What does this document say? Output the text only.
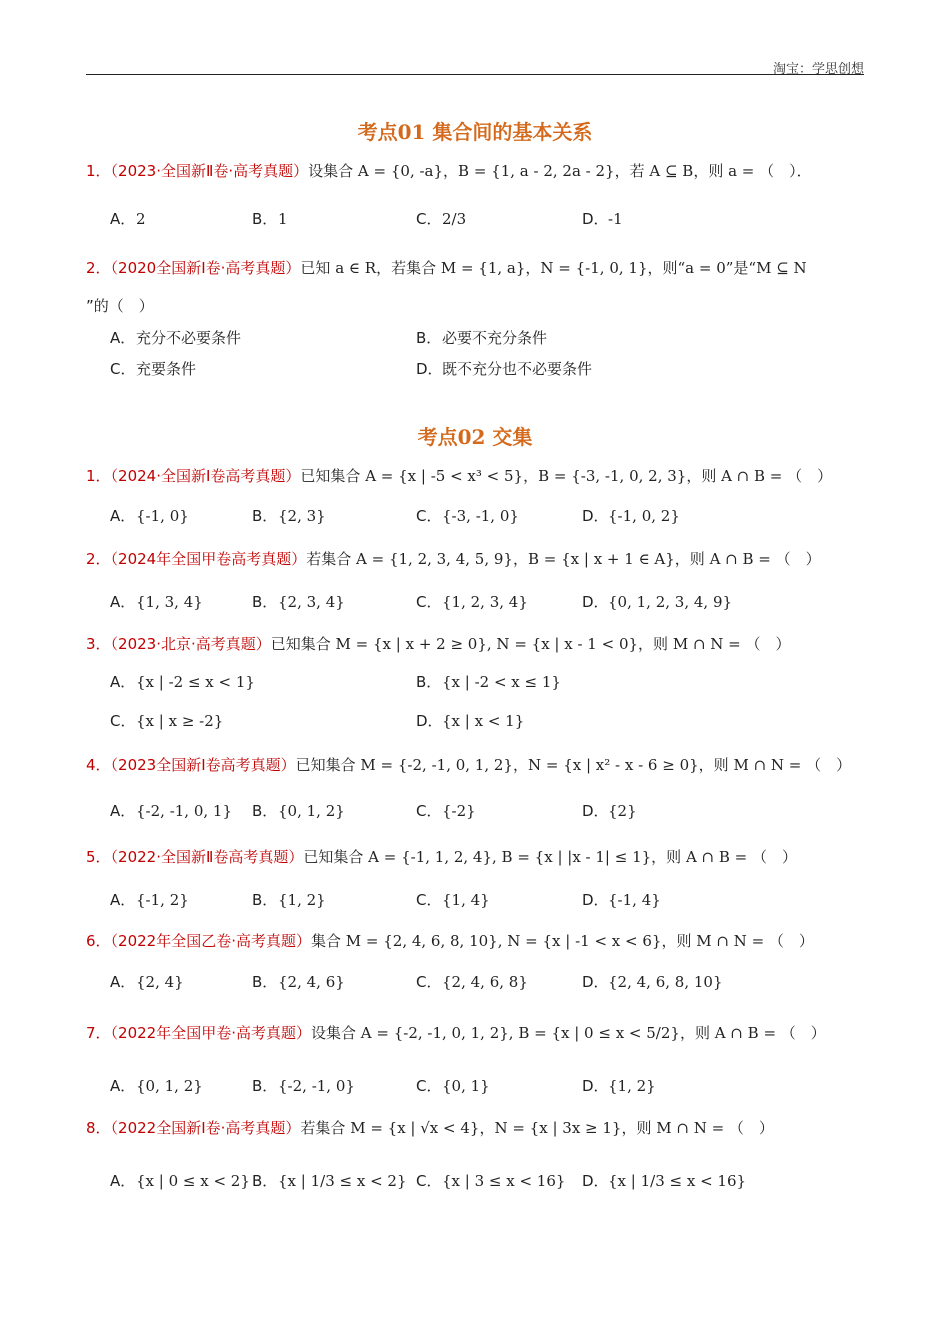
淘宝：学思创想
考点01 集合间的基本关系
1．（2023·全国新Ⅱ卷·高考真题）设集合 A = {0, -a}，B = {1, a - 2, 2a - 2}，若 A ⊆ B，则 a = （　）．
A．2	B．1	C．2/3	D．-1
2．（2020全国新Ⅰ卷·高考真题）已知 a ∈ R，若集合 M = {1, a}，N = {-1, 0, 1}，则“a = 0”是“M ⊆ N
”的（　）
A．充分不必要条件	B．必要不充分条件
C．充要条件	D．既不充分也不必要条件
考点02 交集
1．（2024·全国新Ⅰ卷高考真题）已知集合 A = {x | -5 < x³ < 5}，B = {-3, -1, 0, 2, 3}，则 A ∩ B = （　）
A．{-1, 0}	B．{2, 3}	C．{-3, -1, 0}	D．{-1, 0, 2}
2．（2024年全国甲卷高考真题）若集合 A = {1, 2, 3, 4, 5, 9}，B = {x | x + 1 ∈ A}，则 A ∩ B = （　）
A．{1, 3, 4}	B．{2, 3, 4}	C．{1, 2, 3, 4}	D．{0, 1, 2, 3, 4, 9}
3．（2023·北京·高考真题）已知集合 M = {x | x + 2 ≥ 0}, N = {x | x - 1 < 0}，则 M ∩ N = （　）
A．{x | -2 ≤ x < 1}	B．{x | -2 < x ≤ 1}
C．{x | x ≥ -2}	D．{x | x < 1}
4．（2023全国新Ⅰ卷高考真题）已知集合 M = {-2, -1, 0, 1, 2}，N = {x | x² - x - 6 ≥ 0}，则 M ∩ N = （　）
A．{-2, -1, 0, 1} B．{0, 1, 2}	C．{-2}	D．{2}
5．（2022·全国新Ⅱ卷高考真题）已知集合 A = {-1, 1, 2, 4}, B = {x | |x - 1| ≤ 1}，则 A ∩ B = （　）
A．{-1, 2}	B．{1, 2}	C．{1, 4}	D．{-1, 4}
6．（2022年全国乙卷·高考真题）集合 M = {2, 4, 6, 8, 10}, N = {x | -1 < x < 6}，则 M ∩ N = （　）
A．{2, 4}	B．{2, 4, 6}	C．{2, 4, 6, 8}	D．{2, 4, 6, 8, 10}
7．（2022年全国甲卷·高考真题）设集合 A = {-2, -1, 0, 1, 2}, B = {x | 0 ≤ x < 5/2}，则 A ∩ B = （　）
A．{0, 1, 2}	B．{-2, -1, 0}	C．{0, 1}	D．{1, 2}
8．（2022全国新Ⅰ卷·高考真题）若集合 M = {x | √x < 4}，N = {x | 3x ≥ 1}，则 M ∩ N = （　）
A．{x | 0 ≤ x < 2} B．{x | 1/3 ≤ x < 2} C．{x | 3 ≤ x < 16} D．{x | 1/3 ≤ x < 16}
